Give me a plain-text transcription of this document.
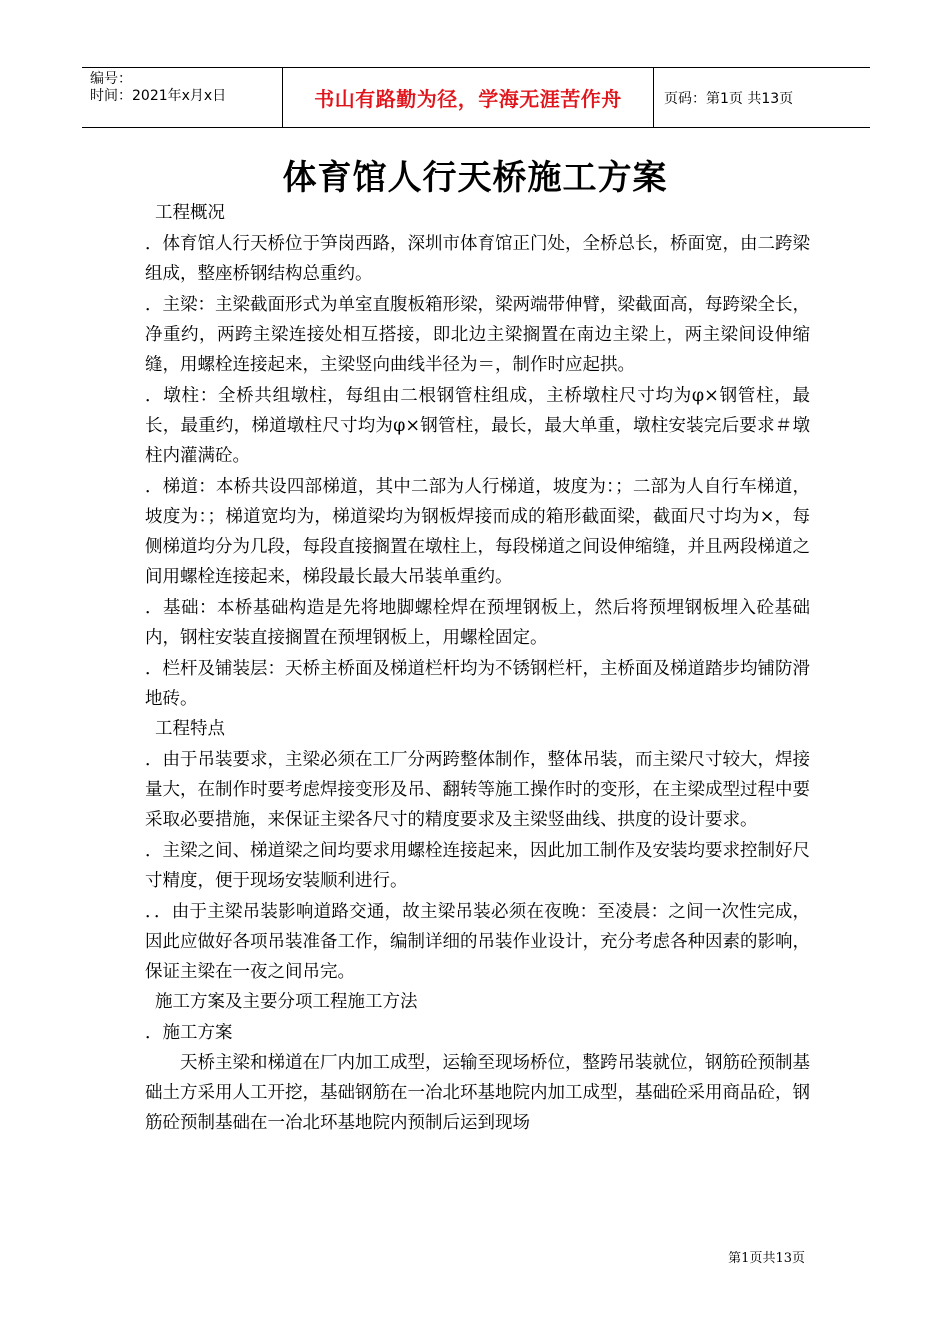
编号：
时间：2021年x月x日	书山有路勤为径，学海无涯苦作舟	页码：第1页 共13页
体育馆人行天桥施工方案

工程概况

．体育馆人行天桥位于笋岗西路，深圳市体育馆正门处，全桥总长，桥面宽，由二跨梁组成，整座桥钢结构总重约。

．主梁：主梁截面形式为单室直腹板箱形梁，梁两端带伸臂，梁截面高，每跨梁全长，净重约，两跨主梁连接处相互搭接，即北边主梁搁置在南边主梁上，两主梁间设伸缩缝，用螺栓连接起来，主梁竖向曲线半径为＝，制作时应起拱。

．墩柱：全桥共组墩柱，每组由二根钢管柱组成，主桥墩柱尺寸均为φ×钢管柱，最长，最重约，梯道墩柱尺寸均为φ×钢管柱，最长，最大单重，墩柱安装完后要求＃墩柱内灌满砼。

．梯道：本桥共设四部梯道，其中二部为人行梯道，坡度为：；二部为人自行车梯道，坡度为：；梯道宽均为，梯道梁均为钢板焊接而成的箱形截面梁，截面尺寸均为×，每侧梯道均分为几段，每段直接搁置在墩柱上，每段梯道之间设伸缩缝，并且两段梯道之间用螺栓连接起来，梯段最长最大吊装单重约。

．基础：本桥基础构造是先将地脚螺栓焊在预埋钢板上，然后将预埋钢板埋入砼基础内，钢柱安装直接搁置在预埋钢板上，用螺栓固定。

．栏杆及铺装层：天桥主桥面及梯道栏杆均为不锈钢栏杆，主桥面及梯道踏步均铺防滑地砖。

工程特点

．由于吊装要求，主梁必须在工厂分两跨整体制作，整体吊装，而主梁尺寸较大，焊接量大，在制作时要考虑焊接变形及吊、翻转等施工操作时的变形，在主梁成型过程中要采取必要措施，来保证主梁各尺寸的精度要求及主梁竖曲线、拱度的设计要求。

．主梁之间、梯道梁之间均要求用螺栓连接起来，因此加工制作及安装均要求控制好尺寸精度，便于现场安装顺利进行。

．．由于主梁吊装影响道路交通，故主梁吊装必须在夜晚：至凌晨：之间一次性完成，因此应做好各项吊装准备工作，编制详细的吊装作业设计，充分考虑各种因素的影响，保证主梁在一夜之间吊完。

施工方案及主要分项工程施工方法

．施工方案

天桥主梁和梯道在厂内加工成型，运输至现场桥位，整跨吊装就位，钢筋砼预制基础土方采用人工开挖，基础钢筋在一冶北环基地院内加工成型，基础砼采用商品砼，钢筋砼预制基础在一冶北环基地院内预制后运到现场

第1页共13页
